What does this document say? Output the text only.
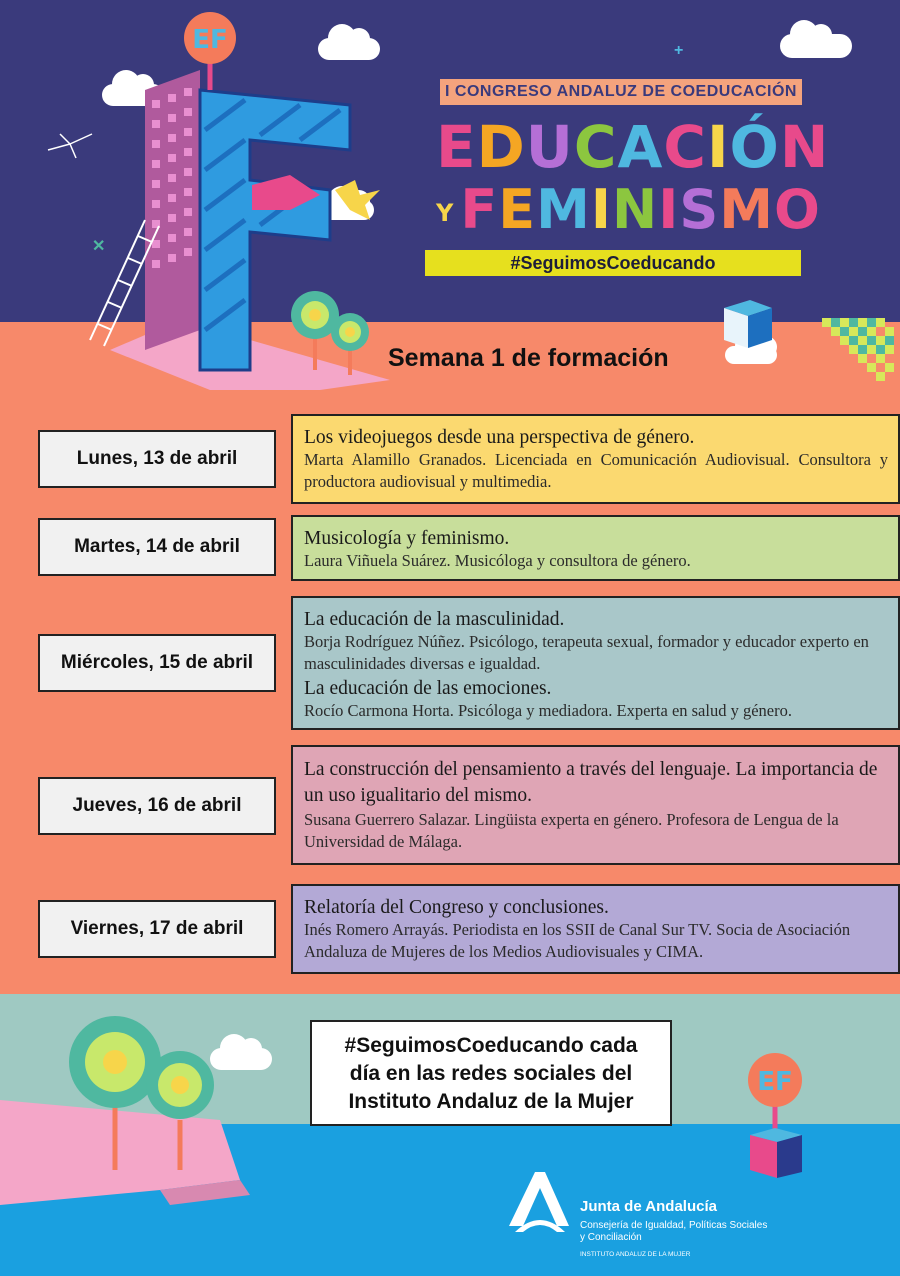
EF	+
✕
I CONGRESO ANDALUZ DE COEDUCACIÓN
EDUCACIÓN
Y FEMINISMO
#SeguimosCoeducando
Semana 1 de formación
Lunes, 13 de abril
Martes, 14 de abril
Miércoles, 15 de abril
Jueves, 16 de abril
Viernes, 17 de abril
Los videojuegos desde una perspectiva de género.
Marta Alamillo Granados. Licenciada en Comunicación Audiovisual. Consultora y productora audiovisual y multimedia.
Musicología y feminismo.
Laura Viñuela Suárez. Musicóloga y consultora de género.
La educación de la masculinidad.
Borja Rodríguez Núñez. Psicólogo, terapeuta sexual, formador y educador experto en masculinidades diversas e igualdad.
La educación de las emociones.
Rocío Carmona Horta. Psicóloga y mediadora. Experta en salud y género.
La construcción del pensamiento a través del lenguaje. La importancia de un uso igualitario del mismo.
Susana Guerrero Salazar. Lingüista experta en género. Profesora de Lengua de la Universidad de Málaga.
Relatoría del Congreso y conclusiones.
Inés Romero Arrayás. Periodista en los SSII de Canal Sur TV. Socia de Asociación Andaluza de Mujeres de los Medios Audiovisuales y CIMA.
EF
#SeguimosCoeducando cada
día en las redes sociales del
Instituto Andaluz de la Mujer
Junta de Andalucía
Consejería de Igualdad, Políticas Sociales y Conciliación
INSTITUTO ANDALUZ DE LA MUJER
